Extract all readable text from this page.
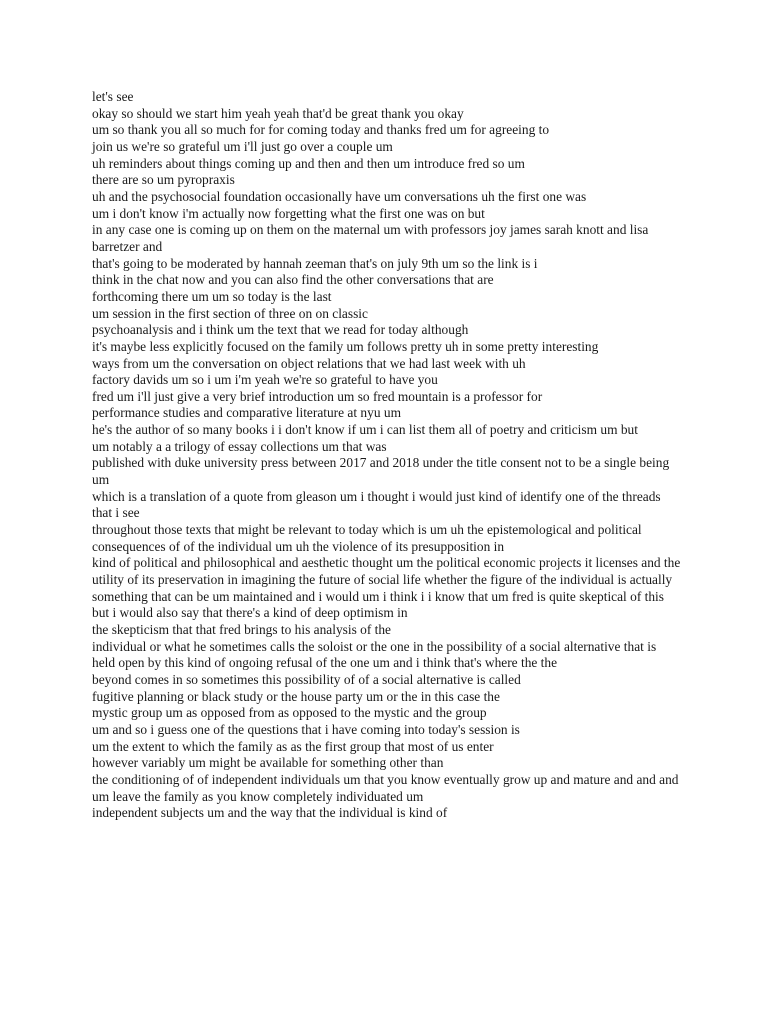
let's see

okay so should we start him yeah yeah that'd be great thank you okay

um so thank you all so much for for coming today and thanks fred um for agreeing to

join us we're so grateful um i'll just go over a couple um

uh reminders about things coming up and then and then um introduce fred so um

there are so um pyropraxis

uh and the psychosocial foundation occasionally have um conversations uh the first one was

um i don't know i'm actually now forgetting what the first one was on but

in any case one is coming up on them on the maternal um with professors joy james sarah knott and lisa barretzer and

that's going to be moderated by hannah zeeman that's on july 9th um so the link is i

think in the chat now and you can also find the other conversations that are

forthcoming there um um so today is the last

um session in the first section of three on on classic

psychoanalysis and i think um the text that we read for today although

it's maybe less explicitly focused on the family um follows pretty uh in some pretty interesting

ways from um the conversation on object relations that we had last week with uh

factory davids um so i um i'm yeah we're so grateful to have you

fred um i'll just give a very brief introduction um so fred mountain is a professor for

performance studies and comparative literature at nyu um

he's the author of so many books i i don't know if um i can list them all of poetry and criticism um but

um notably a a trilogy of essay collections um that was

published with duke university press between 2017 and 2018 under the title consent not to be a single being um

which is a translation of a quote from gleason um i thought i would just kind of identify one of the threads that i see

throughout those texts that might be relevant to today which is um uh the epistemological and political

consequences of of the individual um uh the violence of its presupposition in

kind of political and philosophical and aesthetic thought um the political economic projects it licenses and the

utility of its preservation in imagining the future of social life whether the figure of the individual is actually

something that can be um maintained and i would um i think i i know that um fred is quite skeptical of this but i would also say that there's a kind of deep optimism in

the skepticism that that fred brings to his analysis of the

individual or what he sometimes calls the soloist or the one in the possibility of a social alternative that is held open by this kind of ongoing refusal of the one um and i think that's where the the

beyond comes in so sometimes this possibility of of a social alternative is called

fugitive planning or black study or the house party um or the in this case the

mystic group um as opposed from as opposed to the mystic and the group

um and so i guess one of the questions that i have coming into today's session is

um the extent to which the family as as the first group that most of us enter

however variably um might be available for something other than

the conditioning of of independent individuals um that you know eventually grow up and mature and and and um leave the family as you know completely individuated um

independent subjects um and the way that the individual is kind of
